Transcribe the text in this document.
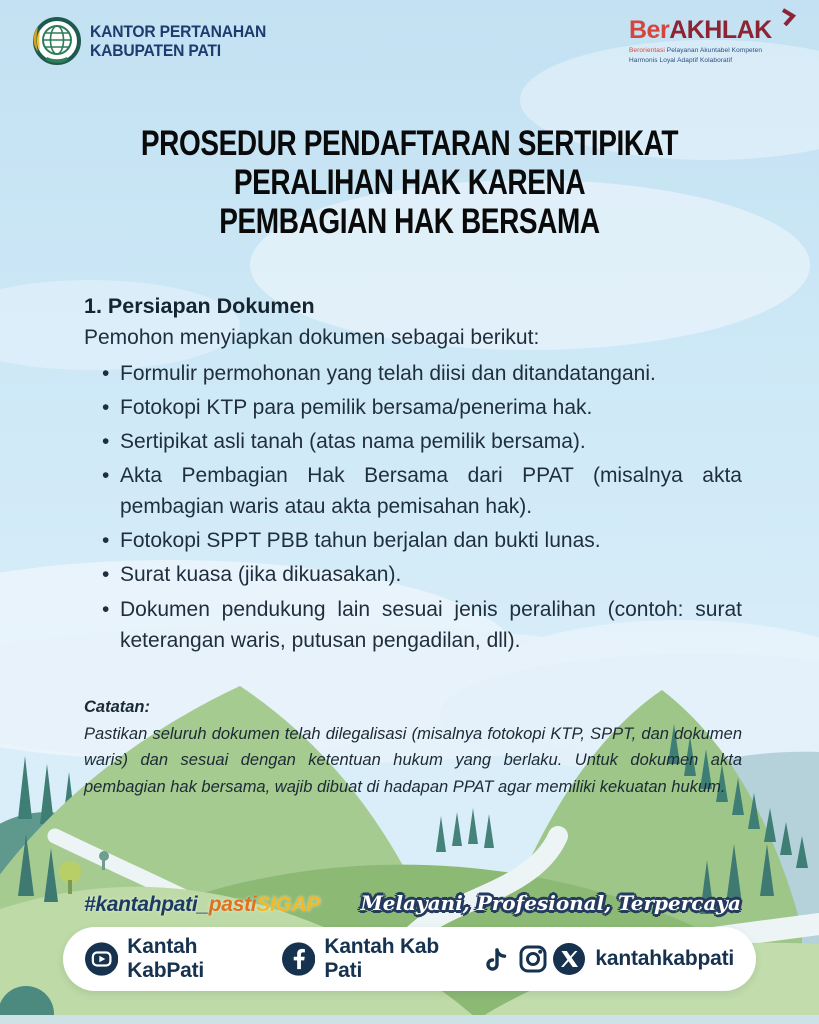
KANTOR PERTANAHAN
KABUPATEN PATI
BerAKHLAK
Berorientasi Pelayanan Akuntabel Kompeten
Harmonis Loyal Adaptif Kolaboratif
PROSEDUR PENDAFTARAN SERTIPIKAT
PERALIHAN HAK KARENA
PEMBAGIAN HAK BERSAMA
1. Persiapan Dokumen
Pemohon menyiapkan dokumen sebagai berikut:
• Formulir permohonan yang telah diisi dan ditandatangani.
• Fotokopi KTP para pemilik bersama/penerima hak.
• Sertipikat asli tanah (atas nama pemilik bersama).
• Akta Pembagian Hak Bersama dari PPAT (misalnya akta pembagian waris atau akta pemisahan hak).
• Fotokopi SPPT PBB tahun berjalan dan bukti lunas.
• Surat kuasa (jika dikuasakan).
• Dokumen pendukung lain sesuai jenis peralihan (contoh: surat keterangan waris, putusan pengadilan, dll).
Catatan:
Pastikan seluruh dokumen telah dilegalisasi (misalnya fotokopi KTP, SPPT, dan dokumen waris) dan sesuai dengan ketentuan hukum yang berlaku. Untuk dokumen akta pembagian hak bersama, wajib dibuat di hadapan PPAT agar memiliki kekuatan hukum.
#kantahpati_pastiSIGAP Melayani, Profesional, Terpercaya
Kantah KabPati
Kantah Kab Pati
kantahkabpati
